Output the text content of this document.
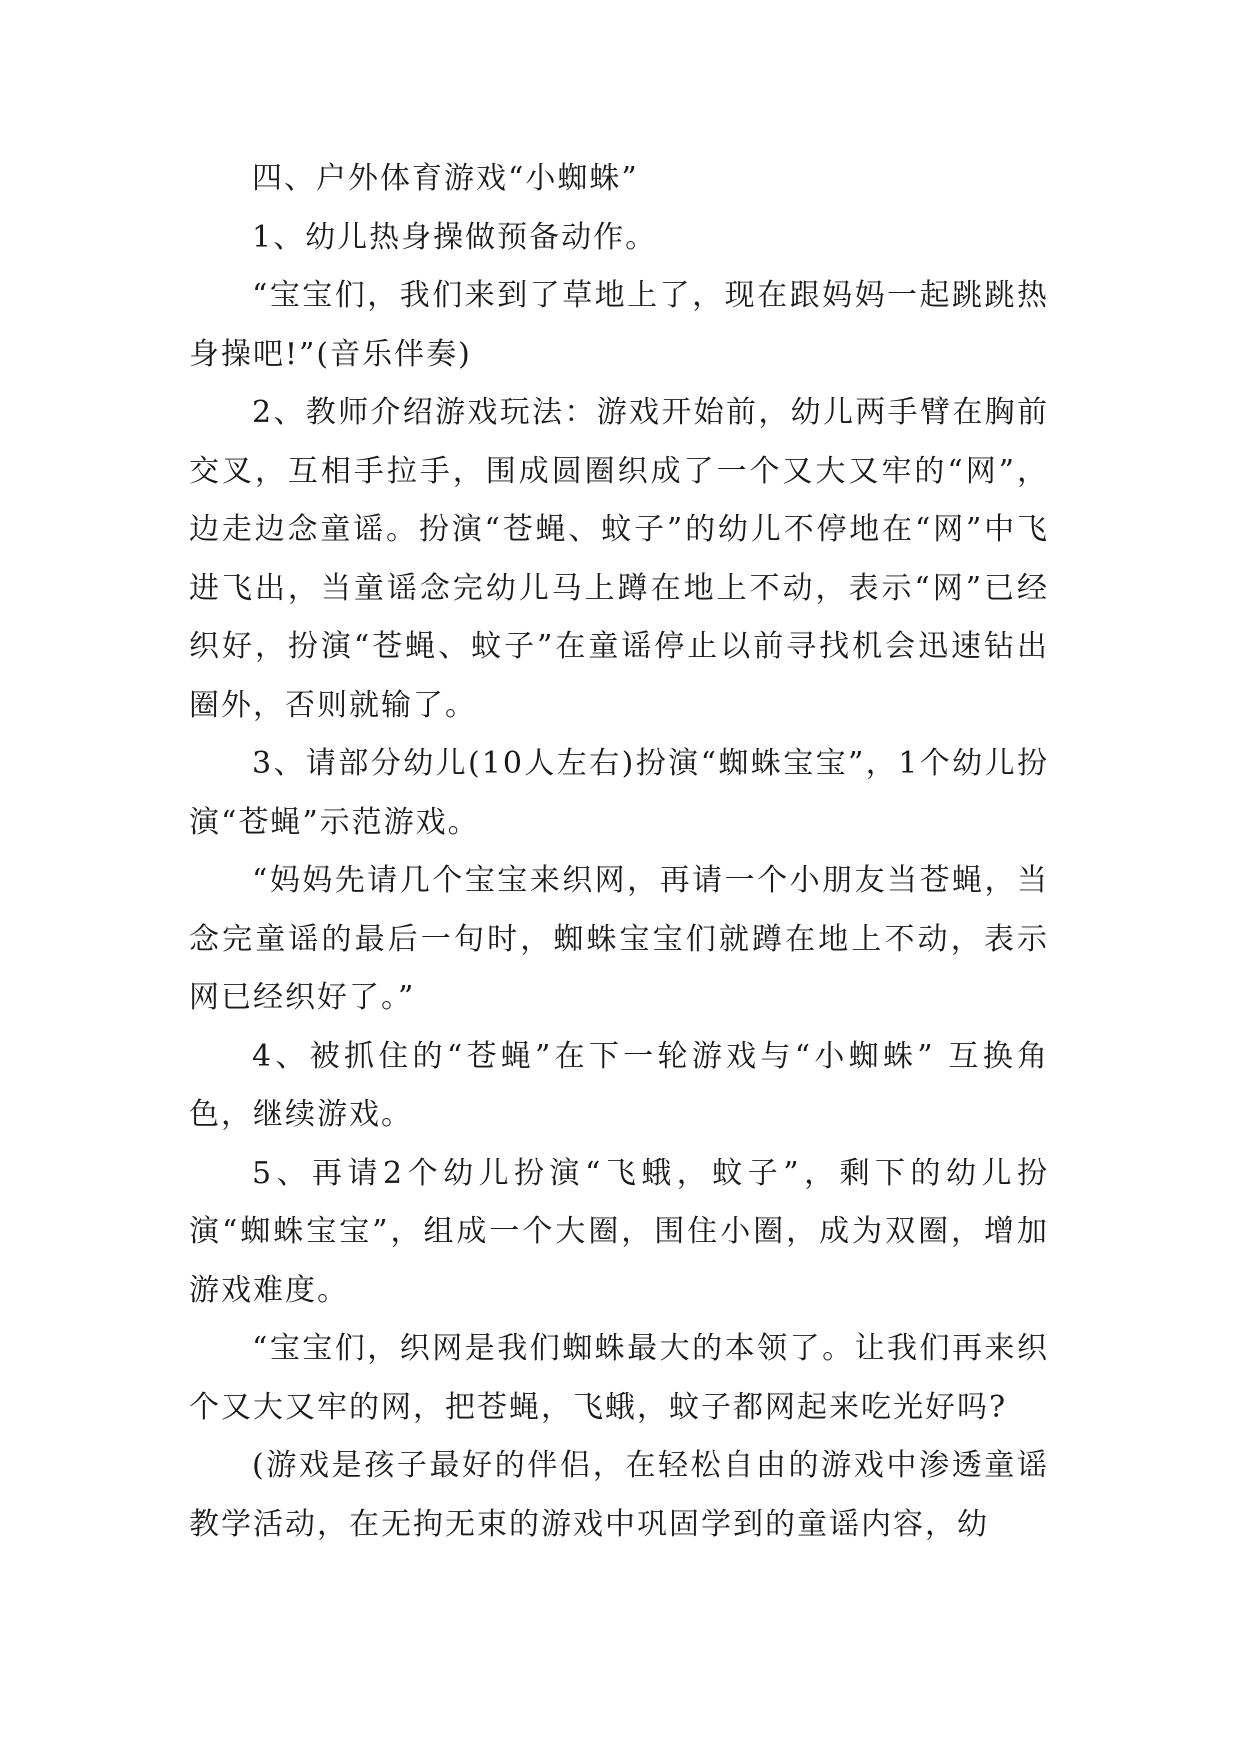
四、户外体育游戏“小蜘蛛”

1、幼儿热身操做预备动作。

“宝宝们，我们来到了草地上了，现在跟妈妈一起跳跳热身操吧!”(音乐伴奏)

2、教师介绍游戏玩法：游戏开始前，幼儿两手臂在胸前交叉，互相手拉手，围成圆圈织成了一个又大又牢的“网”，边走边念童谣。扮演“苍蝇、蚊子”的幼儿不停地在“网”中飞进飞出，当童谣念完幼儿马上蹲在地上不动，表示“网”已经织好，扮演“苍蝇、蚊子”在童谣停止以前寻找机会迅速钻出圈外，否则就输了。

3、请部分幼儿(10人左右)扮演“蜘蛛宝宝”，1个幼儿扮演“苍蝇”示范游戏。

“妈妈先请几个宝宝来织网，再请一个小朋友当苍蝇，当念完童谣的最后一句时，蜘蛛宝宝们就蹲在地上不动，表示网已经织好了。”

4、被抓住的“苍蝇”在下一轮游戏与“小蜘蛛” 互换角色，继续游戏。

5、再请2个幼儿扮演“飞蛾，蚊子”，剩下的幼儿扮演“蜘蛛宝宝”，组成一个大圈，围住小圈，成为双圈，增加游戏难度。

“宝宝们，织网是我们蜘蛛最大的本领了。让我们再来织个又大又牢的网，把苍蝇，飞蛾，蚊子都网起来吃光好吗?

(游戏是孩子最好的伴侣，在轻松自由的游戏中渗透童谣教学活动，在无拘无束的游戏中巩固学到的童谣内容，幼
